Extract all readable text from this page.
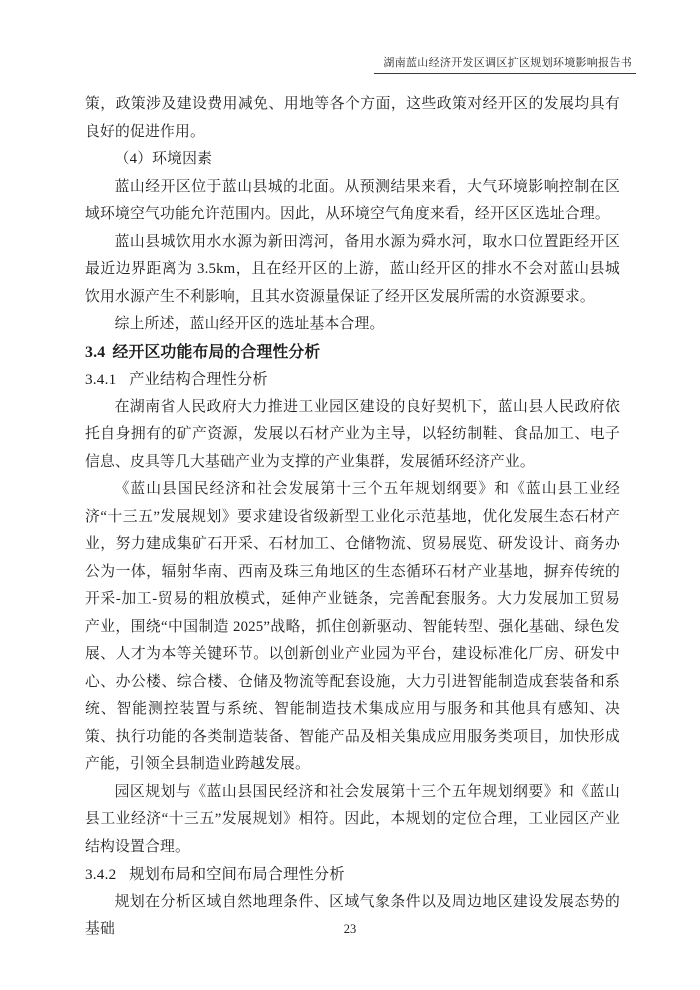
湖南蓝山经济开发区调区扩区规划环境影响报告书

策，政策涉及建设费用减免、用地等各个方面，这些政策对经开区的发展均具有良好的促进作用。

（4）环境因素

蓝山经开区位于蓝山县城的北面。从预测结果来看，大气环境影响控制在区域环境空气功能允许范围内。因此，从环境空气角度来看，经开区区选址合理。

蓝山县城饮用水水源为新田湾河，备用水源为舜水河，取水口位置距经开区最近边界距离为 3.5km，且在经开区的上游，蓝山经开区的排水不会对蓝山县城饮用水源产生不利影响，且其水资源量保证了经开区发展所需的水资源要求。

综上所述，蓝山经开区的选址基本合理。

3.4 经开区功能布局的合理性分析
3.4.1 产业结构合理性分析

在湖南省人民政府大力推进工业园区建设的良好契机下，蓝山县人民政府依托自身拥有的矿产资源，发展以石材产业为主导，以轻纺制鞋、食品加工、电子信息、皮具等几大基础产业为支撑的产业集群，发展循环经济产业。

《蓝山县国民经济和社会发展第十三个五年规划纲要》和《蓝山县工业经济“十三五”发展规划》要求建设省级新型工业化示范基地，优化发展生态石材产业，努力建成集矿石开采、石材加工、仓储物流、贸易展览、研发设计、商务办公为一体，辐射华南、西南及珠三角地区的生态循环石材产业基地，摒弃传统的开采-加工-贸易的粗放模式，延伸产业链条，完善配套服务。大力发展加工贸易产业，围绕“中国制造 2025”战略，抓住创新驱动、智能转型、强化基础、绿色发展、人才为本等关键环节。以创新创业产业园为平台，建设标准化厂房、研发中心、办公楼、综合楼、仓储及物流等配套设施，大力引进智能制造成套装备和系统、智能测控装置与系统、智能制造技术集成应用与服务和其他具有感知、决策、执行功能的各类制造装备、智能产品及相关集成应用服务类项目，加快形成产能，引领全县制造业跨越发展。

园区规划与《蓝山县国民经济和社会发展第十三个五年规划纲要》和《蓝山县工业经济“十三五”发展规划》相符。因此，本规划的定位合理，工业园区产业结构设置合理。

3.4.2 规划布局和空间布局合理性分析

规划在分析区域自然地理条件、区域气象条件以及周边地区建设发展态势的基础	23
